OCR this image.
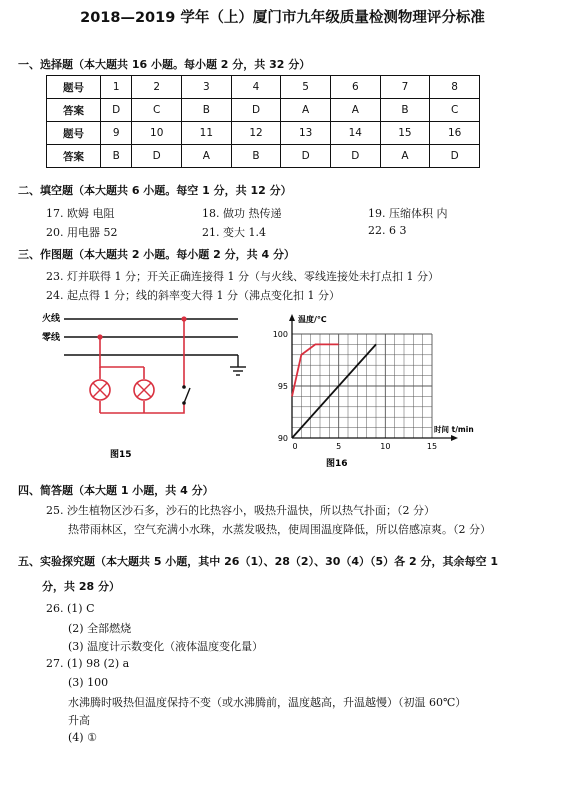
2018—2019 学年（上）厦门市九年级质量检测物理评分标准
一、选择题（本大题共 16 小题。每小题 2 分，共 32 分）
题号	1	2	3	4	5	6	7	8
答案	D	C	B	D	A	A	B	C
题号	9	10	11	12	13	14	15	16
答案	B	D	A	B	D	D	A	D
二、填空题（本大题共 6 小题。每空 1 分，共 12 分）
17. 欧姆 电阻	18. 做功 热传递	19. 压缩体积 内
20. 用电器 52	21. 变大 1.4	22. 6 3
三、作图题（本大题共 2 小题。每小题 2 分，共 4 分）
23. 灯并联得 1 分；开关正确连接得 1 分（与火线、零线连接处未打点扣 1 分）
24. 起点得 1 分；线的斜率变大得 1 分（沸点变化扣 1 分）
火线
零线
图15
100
95
90
0	5	10	15
温度/℃
时间 t/min
图16
四、简答题（本大题 1 小题，共 4 分）
25. 沙生植物区沙石多，沙石的比热容小，吸热升温快，所以热气扑面；（2 分）
热带雨林区，空气充满小水珠，水蒸发吸热，使周围温度降低，所以倍感凉爽。（2 分）
五、实验探究题（本大题共 5 小题，其中 26（1）、28（2）、30（4）（5）各 2 分，其余每空 1
分，共 28 分）
26. (1) C
(2) 全部燃烧
(3) 温度计示数变化（液体温度变化量）
27. (1) 98 (2) a
(3) 100
水沸腾时吸热但温度保持不变（或水沸腾前，温度越高，升温越慢）（初温 60℃）
升高
(4) ①
